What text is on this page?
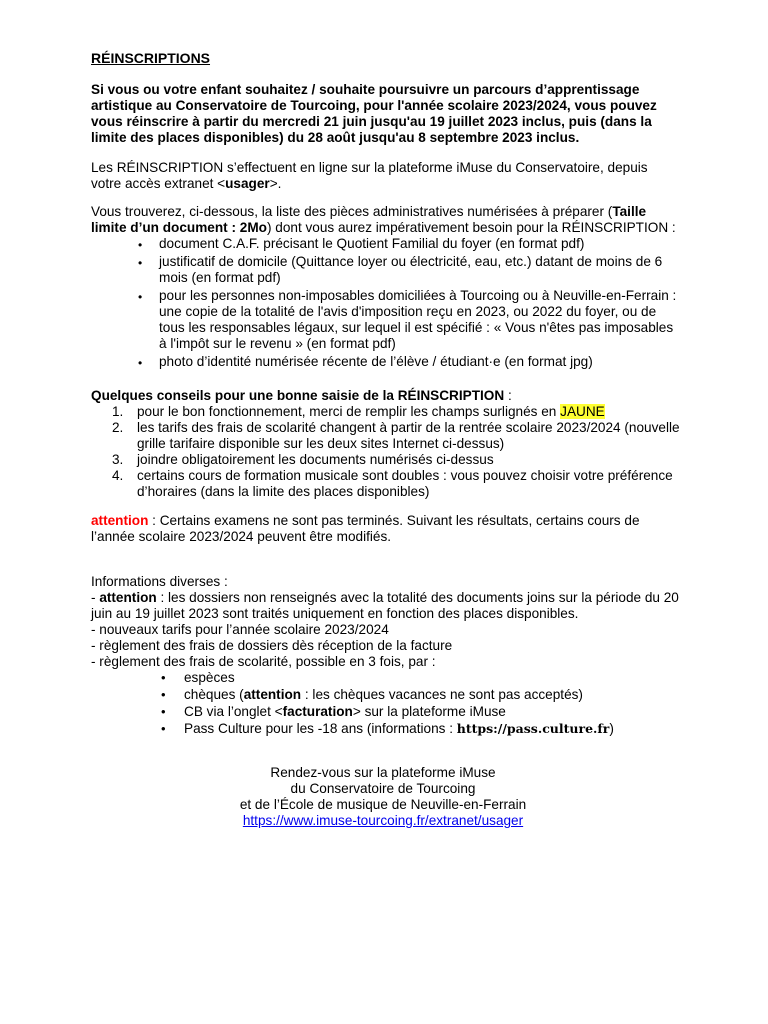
RÉINSCRIPTIONS

Si vous ou votre enfant souhaitez / souhaite poursuivre un parcours d’apprentissage artistique au Conservatoire de Tourcoing, pour l'année scolaire 2023/2024, vous pouvez vous réinscrire à partir du mercredi 21 juin jusqu'au 19 juillet 2023 inclus, puis (dans la limite des places disponibles) du 28 août jusqu'au 8 septembre 2023 inclus.

Les RÉINSCRIPTION s’effectuent en ligne sur la plateforme iMuse du Conservatoire, depuis votre accès extranet <usager>.

Vous trouverez, ci-dessous, la liste des pièces administratives numérisées à préparer (Taille limite d’un document : 2Mo) dont vous aurez impérativement besoin pour la RÉINSCRIPTION :

• document C.A.F. précisant le Quotient Familial du foyer (en format pdf)
• justificatif de domicile (Quittance loyer ou électricité, eau, etc.) datant de moins de 6 mois (en format pdf)
• pour les personnes non-imposables domiciliées à Tourcoing ou à Neuville-en-Ferrain : une copie de la totalité de l'avis d'imposition reçu en 2023, ou 2022 du foyer, ou de tous les responsables légaux, sur lequel il est spécifié : « Vous n'êtes pas imposables à l'impôt sur le revenu » (en format pdf)
• photo d’identité numérisée récente de l’élève / étudiant·e (en format jpg)
Quelques conseils pour une bonne saisie de la RÉINSCRIPTION :
1. pour le bon fonctionnement, merci de remplir les champs surlignés en JAUNE
2. les tarifs des frais de scolarité changent à partir de la rentrée scolaire 2023/2024 (nouvelle grille tarifaire disponible sur les deux sites Internet ci-dessus)
3. joindre obligatoirement les documents numérisés ci-dessus
4. certains cours de formation musicale sont doubles : vous pouvez choisir votre préférence d’horaires (dans la limite des places disponibles)

attention : Certains examens ne sont pas terminés. Suivant les résultats, certains cours de l’année scolaire 2023/2024 peuvent être modifiés.

Informations diverses :

- attention : les dossiers non renseignés avec la totalité des documents joins sur la période du 20 juin au 19 juillet 2023 sont traités uniquement en fonction des places disponibles.

- nouveaux tarifs pour l’année scolaire 2023/2024

- règlement des frais de dossiers dès réception de la facture

- règlement des frais de scolarité, possible en 3 fois, par :

• espèces
• chèques (attention : les chèques vacances ne sont pas acceptés)
• CB via l’onglet <facturation> sur la plateforme iMuse
• Pass Culture pour les -18 ans (informations : https://pass.culture.fr)

Rendez-vous sur la plateforme iMuse

du Conservatoire de Tourcoing

et de l’École de musique de Neuville-en-Ferrain

https://www.imuse-tourcoing.fr/extranet/usager
